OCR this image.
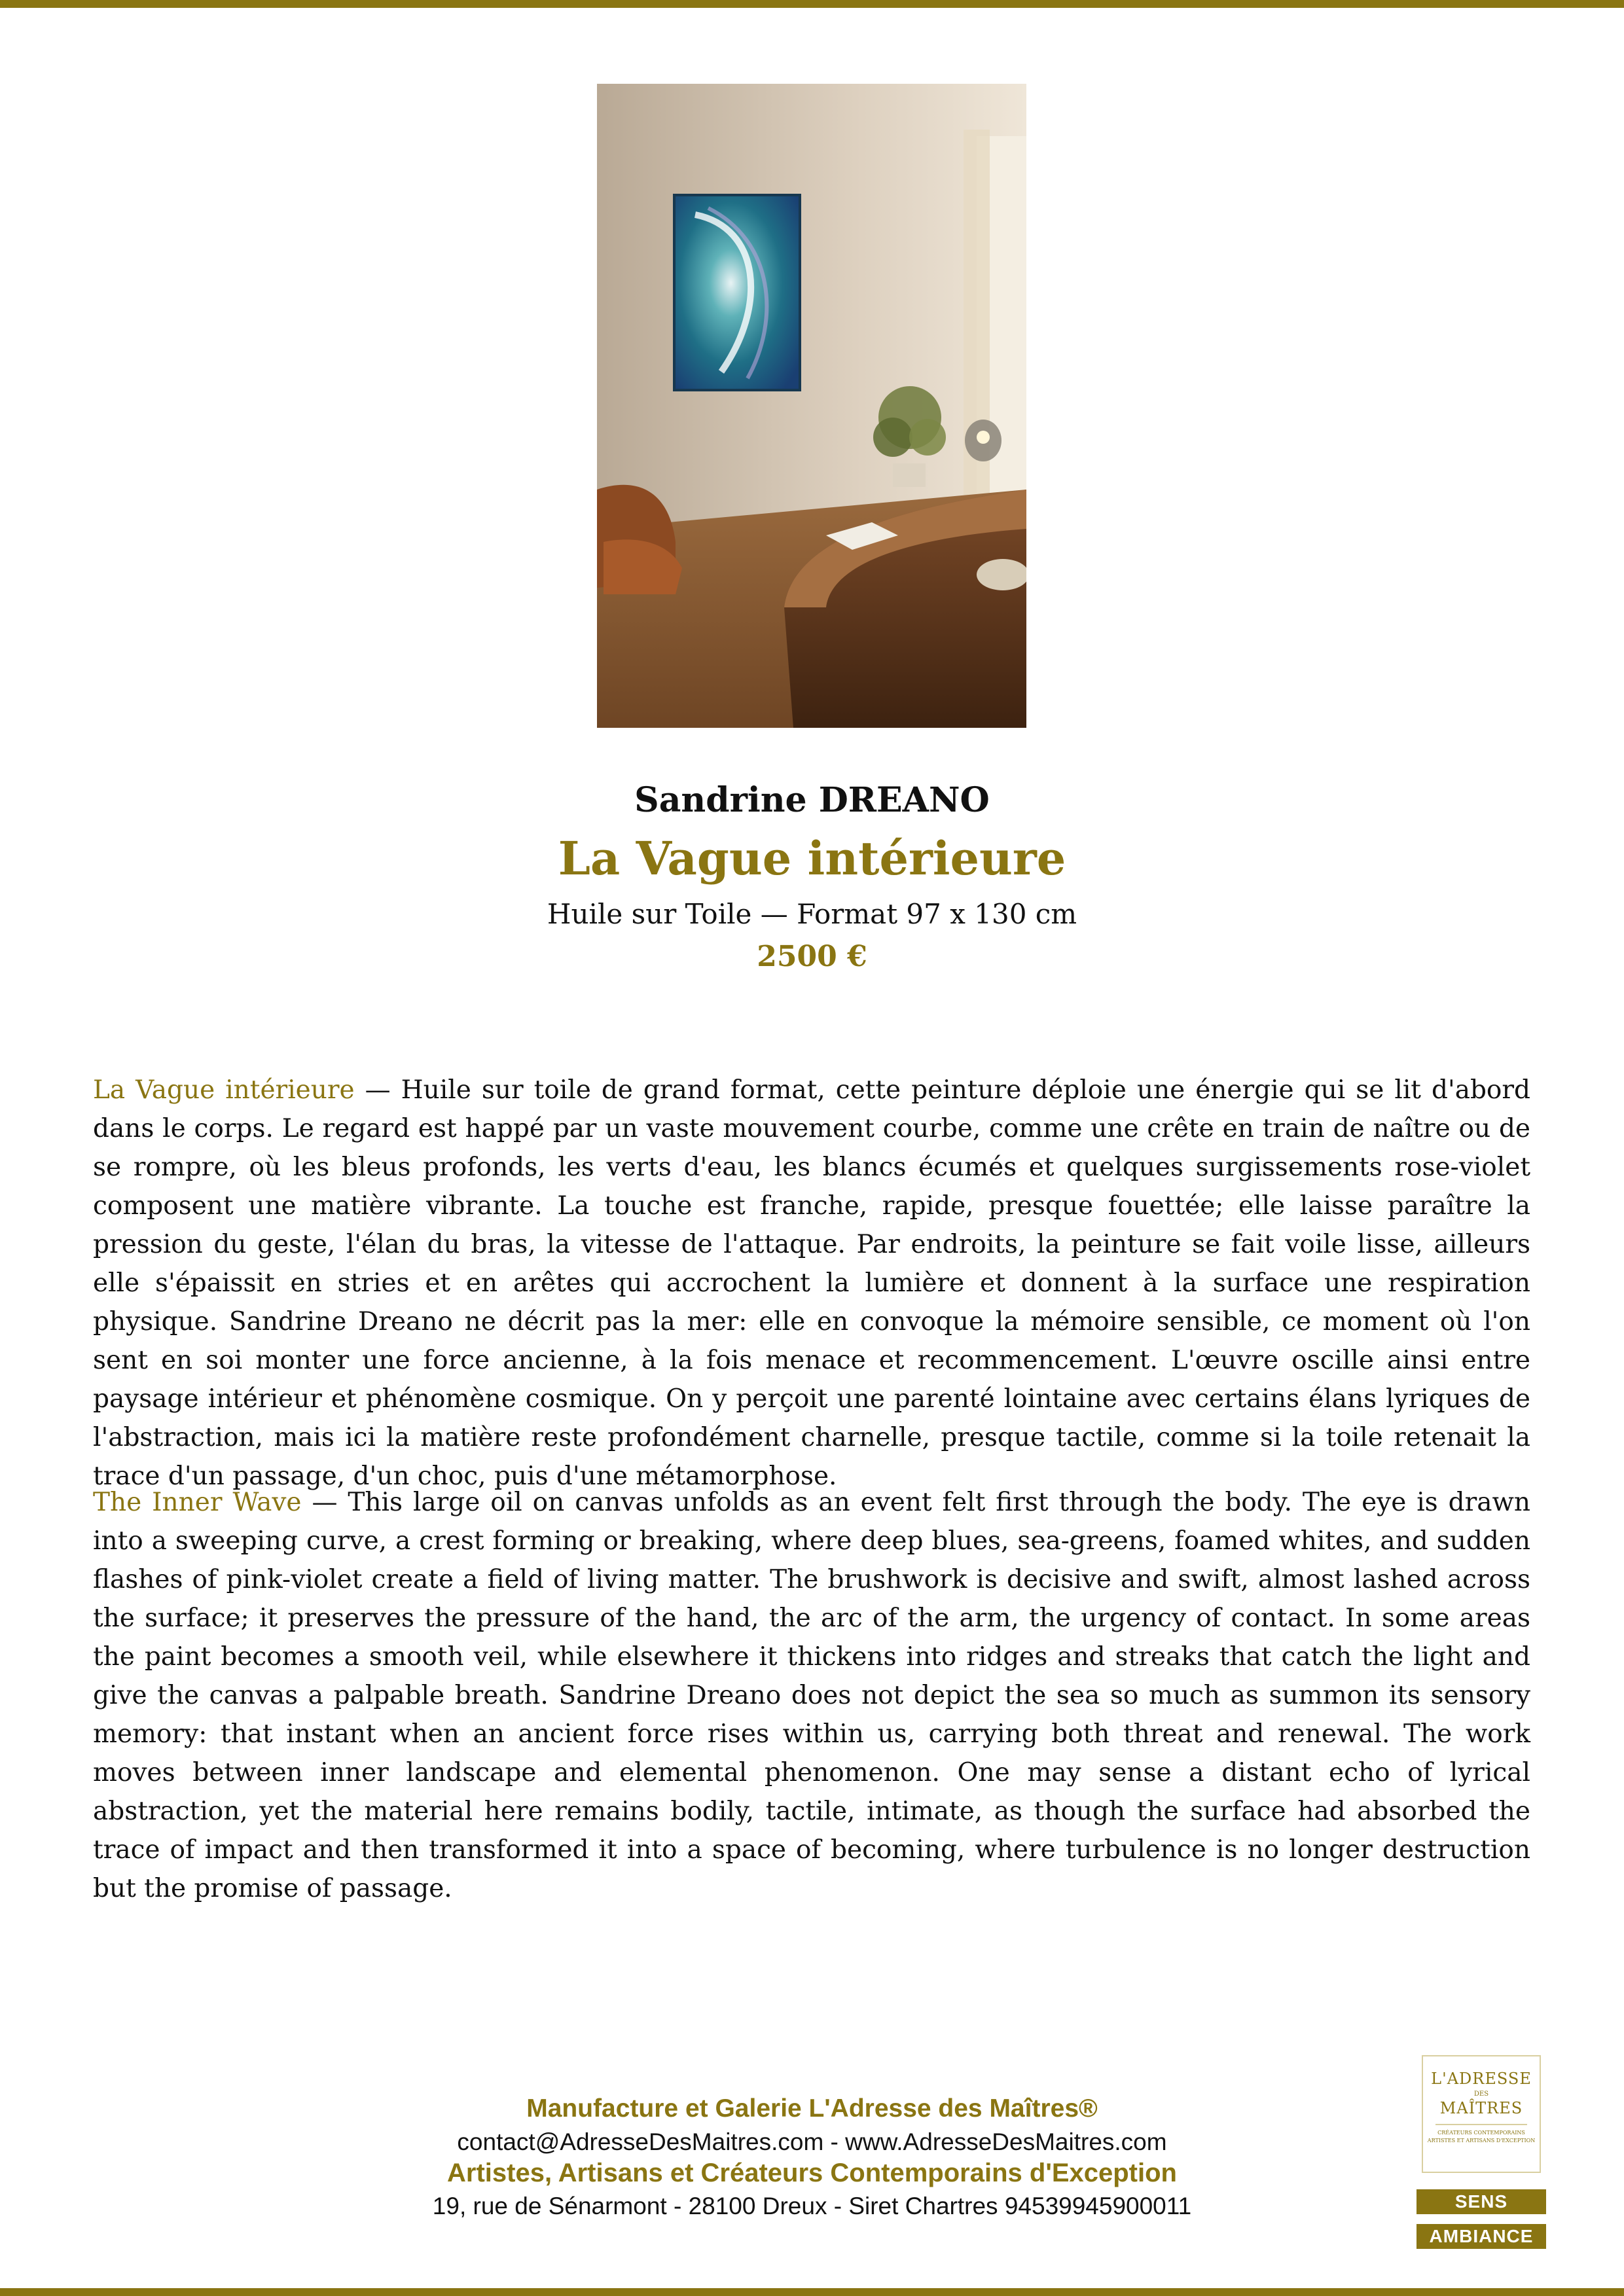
Sandrine DREANO
La Vague intérieure
Huile sur Toile — Format 97 x 130 cm
2500 €

La Vague intérieure — Huile sur toile de grand format, cette peinture déploie une énergie qui se lit d'abord dans le corps. Le regard est happé par un vaste mouvement courbe, comme une crête en train de naître ou de se rompre, où les bleus profonds, les verts d'eau, les blancs écumés et quelques surgissements rose-violet composent une matière vibrante. La touche est franche, rapide, presque fouettée; elle laisse paraître la pression du geste, l'élan du bras, la vitesse de l'attaque. Par endroits, la peinture se fait voile lisse, ailleurs elle s'épaissit en stries et en arêtes qui accrochent la lumière et donnent à la surface une respiration physique. Sandrine Dreano ne décrit pas la mer: elle en convoque la mémoire sensible, ce moment où l'on sent en soi monter une force ancienne, à la fois menace et recommencement. L'œuvre oscille ainsi entre paysage intérieur et phénomène cosmique. On y perçoit une parenté lointaine avec certains élans lyriques de l'abstraction, mais ici la matière reste profondément charnelle, presque tactile, comme si la toile retenait la trace d'un passage, d'un choc, puis d'une métamorphose.

The Inner Wave — This large oil on canvas unfolds as an event felt first through the body. The eye is drawn into a sweeping curve, a crest forming or breaking, where deep blues, sea-greens, foamed whites, and sudden flashes of pink-violet create a field of living matter. The brushwork is decisive and swift, almost lashed across the surface; it preserves the pressure of the hand, the arc of the arm, the urgency of contact. In some areas the paint becomes a smooth veil, while elsewhere it thickens into ridges and streaks that catch the light and give the canvas a palpable breath. Sandrine Dreano does not depict the sea so much as summon its sensory memory: that instant when an ancient force rises within us, carrying both threat and renewal. The work moves between inner landscape and elemental phenomenon. One may sense a distant echo of lyrical abstraction, yet the material here remains bodily, tactile, intimate, as though the surface had absorbed the trace of impact and then transformed it into a space of becoming, where turbulence is no longer destruction but the promise of passage.

Manufacture et Galerie L'Adresse des Maîtres®
contact@AdresseDesMaitres.com - www.AdresseDesMaitres.com
Artistes, Artisans et Créateurs Contemporains d'Exception
19, rue de Sénarmont - 28100 Dreux - Siret Chartres 94539945900011
L'ADRESSE
DES
MAÎTRES
CRÉATEURS CONTEMPORAINS ARTISTES ET ARTISANS D'EXCEPTION
SENS
AMBIANCE
